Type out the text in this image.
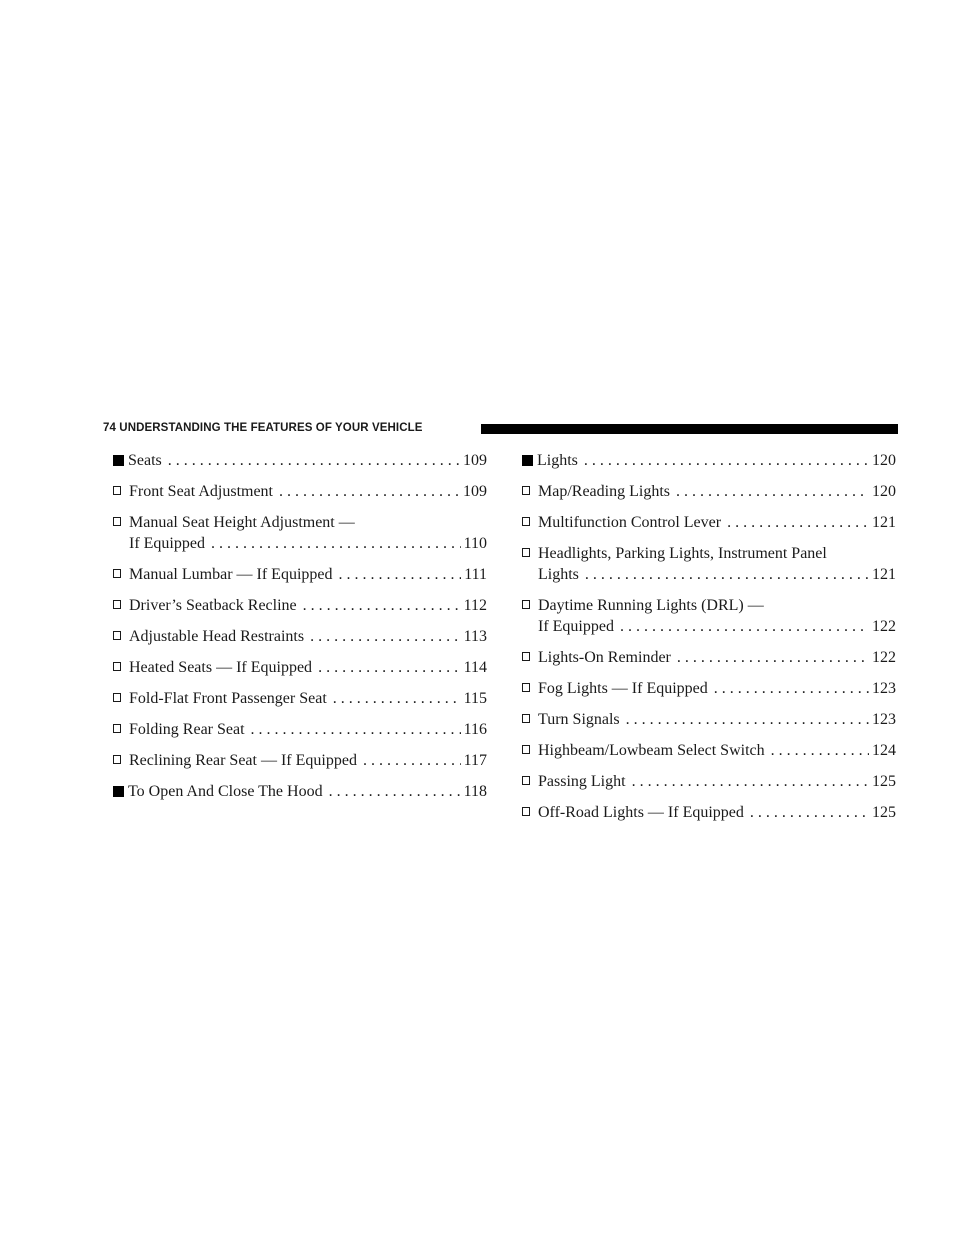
74 UNDERSTANDING THE FEATURES OF YOUR VEHICLE
Seats . . .	109
Front Seat Adjustment . . .	109
Manual Seat Height Adjustment —
If Equipped . . .	110
Manual Lumbar — If Equipped . . .	111
Driver’s Seatback Recline . . .	112
Adjustable Head Restraints . . .	113
Heated Seats — If Equipped . . .	114
Fold-Flat Front Passenger Seat . . .	115
Folding Rear Seat . . .	116
Reclining Rear Seat — If Equipped . . .	117
To Open And Close The Hood . . .	118
Lights . . .	120
Map/Reading Lights . . .	120
Multifunction Control Lever . . .	121
Headlights, Parking Lights, Instrument Panel
Lights . . .	121
Daytime Running Lights (DRL) —
If Equipped . . .	122
Lights-On Reminder . . .	122
Fog Lights — If Equipped . . .	123
Turn Signals . . .	123
Highbeam/Lowbeam Select Switch . . .	124
Passing Light . . .	125
Off-Road Lights — If Equipped . . .	125
